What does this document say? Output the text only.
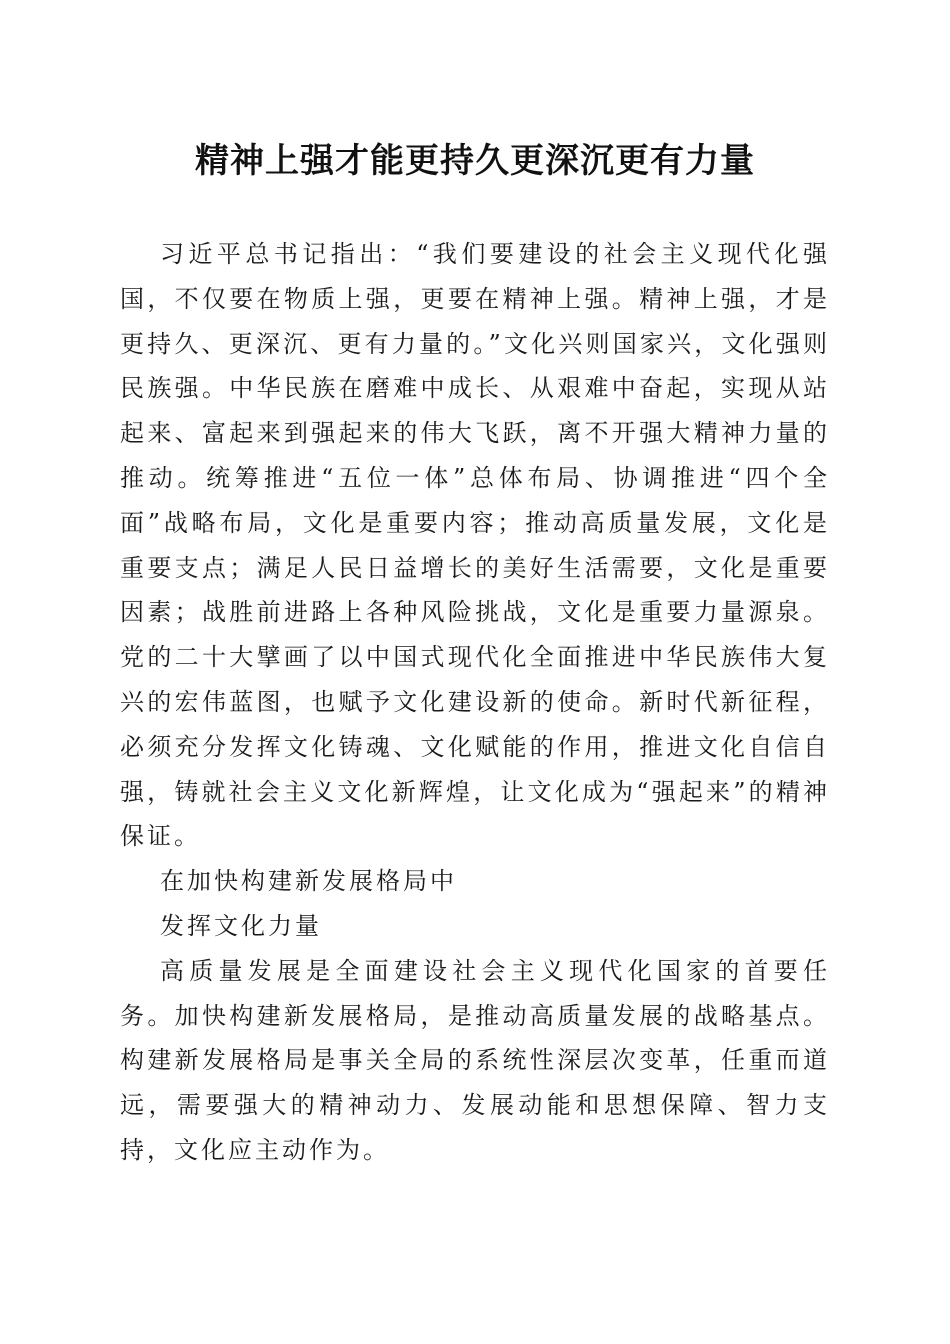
精神上强才能更持久更深沉更有力量

习近平总书记指出：“我们要建设的社会主义现代化强国，不仅要在物质上强，更要在精神上强。精神上强，才是更持久、更深沉、更有力量的。”文化兴则国家兴，文化强则民族强。中华民族在磨难中成长、从艰难中奋起，实现从站起来、富起来到强起来的伟大飞跃，离不开强大精神力量的推动。统筹推进“五位一体”总体布局、协调推进“四个全面”战略布局，文化是重要内容；推动高质量发展，文化是重要支点；满足人民日益增长的美好生活需要，文化是重要因素；战胜前进路上各种风险挑战，文化是重要力量源泉。党的二十大擘画了以中国式现代化全面推进中华民族伟大复兴的宏伟蓝图，也赋予文化建设新的使命。新时代新征程，必须充分发挥文化铸魂、文化赋能的作用，推进文化自信自强，铸就社会主义文化新辉煌，让文化成为“强起来”的精神保证。

在加快构建新发展格局中

发挥文化力量

高质量发展是全面建设社会主义现代化国家的首要任务。加快构建新发展格局，是推动高质量发展的战略基点。构建新发展格局是事关全局的系统性深层次变革，任重而道远，需要强大的精神动力、发展动能和思想保障、智力支持，文化应主动作为。
